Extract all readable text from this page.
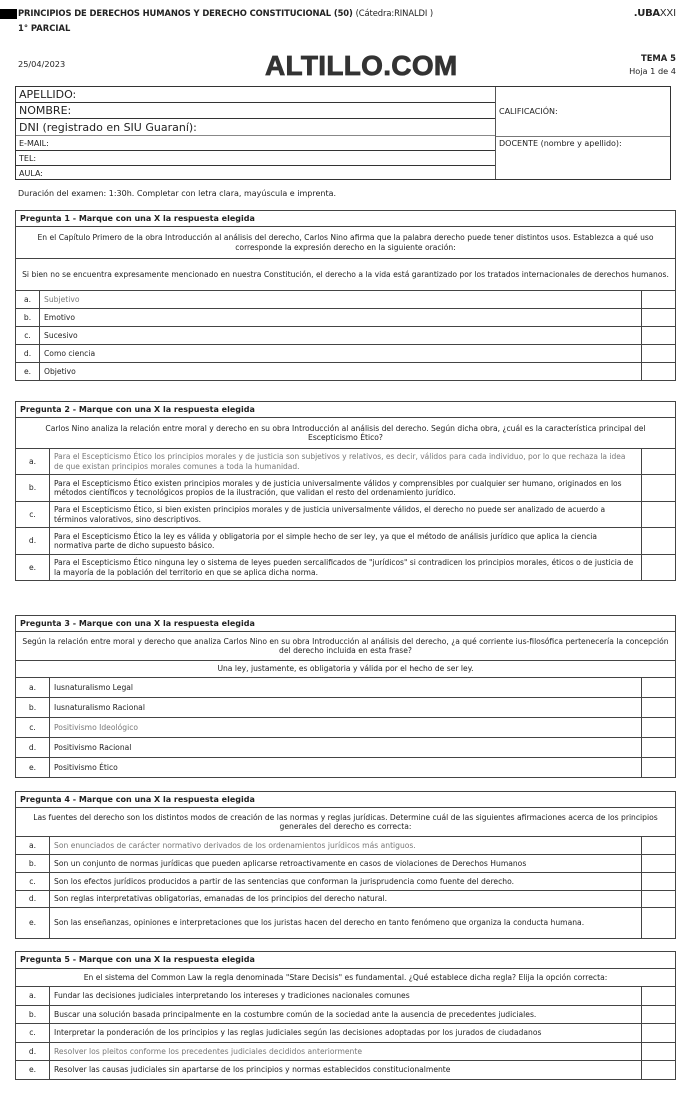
PRINCIPIOS DE DERECHOS HUMANOS Y DERECHO CONSTITUCIONAL (50) (Cátedra:RINALDI )
1° PARCIAL
.UBAXXI
25/04/2023	ALTILLO.COM	TEMA 5
Hoja 1 de 4
APELLIDO:
NOMBRE:
DNI (registrado en SIU Guaraní):
E-MAIL:
TEL:
AULA:
CALIFICACIÓN:
DOCENTE (nombre y apellido):
Duración del examen: 1:30h. Completar con letra clara, mayúscula e imprenta.
Pregunta 1 - Marque con una X la respuesta elegida		
En el Capítulo Primero de la obra Introducción al análisis del derecho, Carlos Nino afirma que la palabra derecho puede tener distintos usos. Establezca a qué uso corresponde la expresión derecho en la siguiente oración:		
Si bien no se encuentra expresamente mencionado en nuestra Constitución, el derecho a la vida está garantizado por los tratados internacionales de derechos humanos.		
a.	Subjetivo	
b.	Emotivo	
c.	Sucesivo	
d.	Como ciencia	
e.	Objetivo	
Pregunta 2 - Marque con una X la respuesta elegida		
Carlos Nino analiza la relación entre moral y derecho en su obra Introducción al análisis del derecho. Según dicha obra, ¿cuál es la característica principal del Escepticismo Ético?		
a.	Para el Escepticismo Ético los principios morales y de justicia son subjetivos y relativos, es decir, válidos para cada individuo, por lo que rechaza la idea de que existan principios morales comunes a toda la humanidad.	
b.	Para el Escepticismo Ético existen principios morales y de justicia universalmente válidos y comprensibles por cualquier ser humano, originados en los métodos científicos y tecnológicos propios de la ilustración, que validan el resto del ordenamiento jurídico.	
c.	Para el Escepticismo Ético, si bien existen principios morales y de justicia universalmente válidos, el derecho no puede ser analizado de acuerdo a términos valorativos, sino descriptivos.	
d.	Para el Escepticismo Ético la ley es válida y obligatoria por el simple hecho de ser ley, ya que el método de análisis jurídico que aplica la ciencia normativa parte de dicho supuesto básico.	
e.	Para el Escepticismo Ético ninguna ley o sistema de leyes pueden sercalificados de "jurídicos" si contradicen los principios morales, éticos o de justicia de la mayoría de la población del territorio en que se aplica dicha norma.	
Pregunta 3 - Marque con una X la respuesta elegida		
Según la relación entre moral y derecho que analiza Carlos Nino en su obra Introducción al análisis del derecho, ¿a qué corriente ius-filosófica pertenecería la concepción del derecho incluida en esta frase?		
Una ley, justamente, es obligatoria y válida por el hecho de ser ley.		
a.	Iusnaturalismo Legal	
b.	Iusnaturalismo Racional	
c.	Positivismo Ideológico	
d.	Positivismo Racional	
e.	Positivismo Ético	
Pregunta 4 - Marque con una X la respuesta elegida		
Las fuentes del derecho son los distintos modos de creación de las normas y reglas jurídicas. Determine cuál de las siguientes afirmaciones acerca de los principios generales del derecho es correcta:		
a.	Son enunciados de carácter normativo derivados de los ordenamientos jurídicos más antiguos.	
b.	Son un conjunto de normas jurídicas que pueden aplicarse retroactivamente en casos de violaciones de Derechos Humanos	
c.	Son los efectos jurídicos producidos a partir de las sentencias que conforman la jurisprudencia como fuente del derecho.	
d.	Son reglas interpretativas obligatorias, emanadas de los principios del derecho natural.	
e.	Son las enseñanzas, opiniones e interpretaciones que los juristas hacen del derecho en tanto fenómeno que organiza la conducta humana.	
Pregunta 5 - Marque con una X la respuesta elegida		
En el sistema del Common Law la regla denominada "Stare Decisis" es fundamental. ¿Qué establece dicha regla? Elija la opción correcta:		
a.	Fundar las decisiones judiciales interpretando los intereses y tradiciones nacionales comunes	
b.	Buscar una solución basada principalmente en la costumbre común de la sociedad ante la ausencia de precedentes judiciales.	
c.	Interpretar la ponderación de los principios y las reglas judiciales según las decisiones adoptadas por los jurados de ciudadanos	
d.	Resolver los pleitos conforme los precedentes judiciales decididos anteriormente	
e.	Resolver las causas judiciales sin apartarse de los principios y normas establecidos constitucionalmente	
